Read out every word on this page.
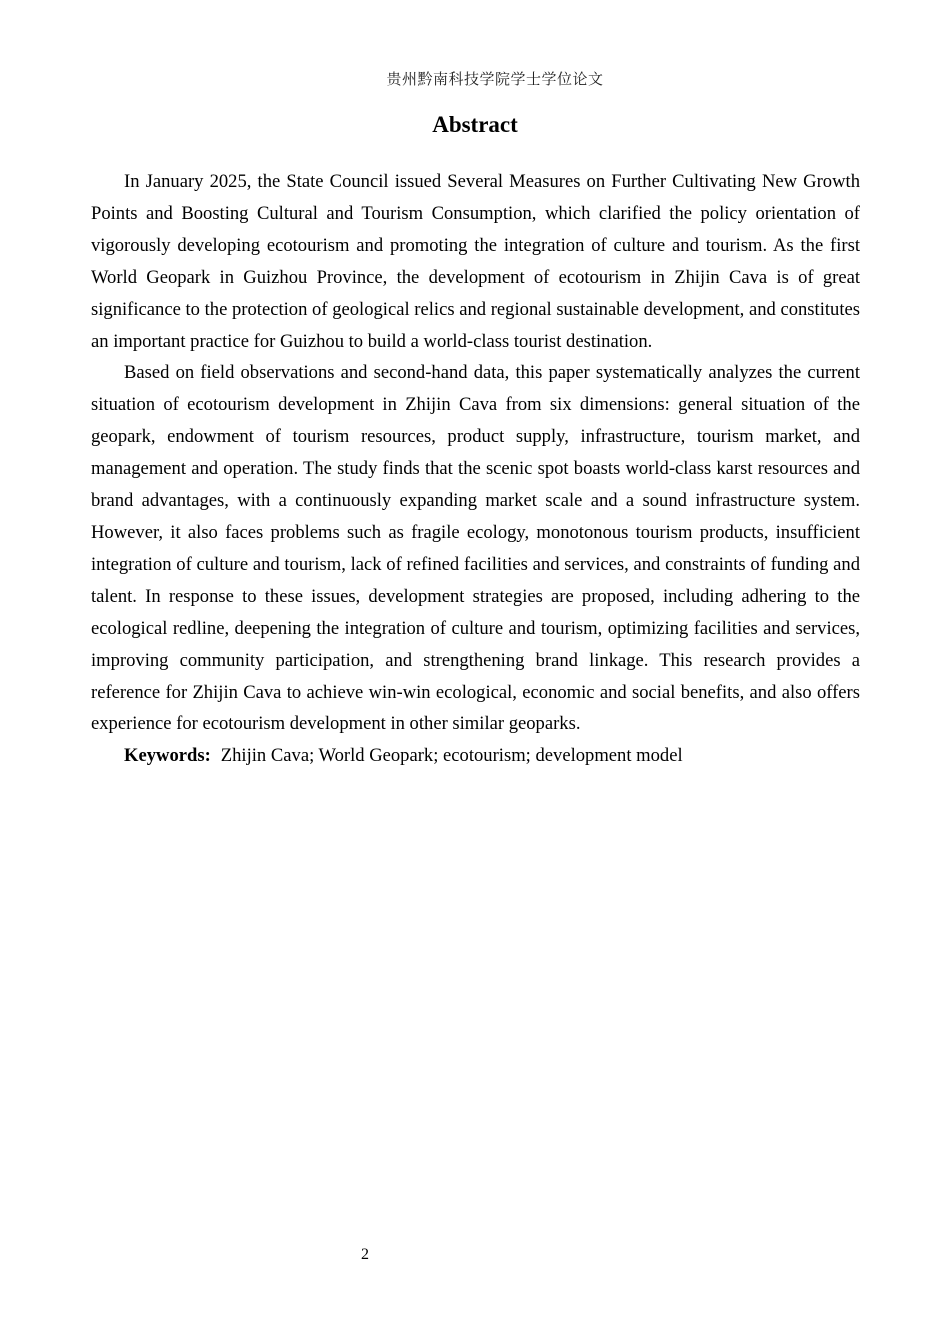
贵州黔南科技学院学士学位论文
Abstract

In January 2025, the State Council issued Several Measures on Further Cultivating New Growth Points and Boosting Cultural and Tourism Consumption, which clarified the policy orientation of vigorously developing ecotourism and promoting the integration of culture and tourism. As the first World Geopark in Guizhou Province, the development of ecotourism in Zhijin Cava is of great significance to the protection of geological relics and regional sustainable development, and constitutes an important practice for Guizhou to build a world-class tourist destination.

Based on field observations and second-hand data, this paper systematically analyzes the current situation of ecotourism development in Zhijin Cava from six dimensions: general situation of the geopark, endowment of tourism resources, product supply, infrastructure, tourism market, and management and operation. The study finds that the scenic spot boasts world-class karst resources and brand advantages, with a continuously expanding market scale and a sound infrastructure system. However, it also faces problems such as fragile ecology, monotonous tourism products, insufficient integration of culture and tourism, lack of refined facilities and services, and constraints of funding and talent. In response to these issues, development strategies are proposed, including adhering to the ecological redline, deepening the integration of culture and tourism, optimizing facilities and services, improving community participation, and strengthening brand linkage. This research provides a reference for Zhijin Cava to achieve win-win ecological, economic and social benefits, and also offers experience for ecotourism development in other similar geoparks.

Keywords: Zhijin Cava; World Geopark; ecotourism; development model

2
